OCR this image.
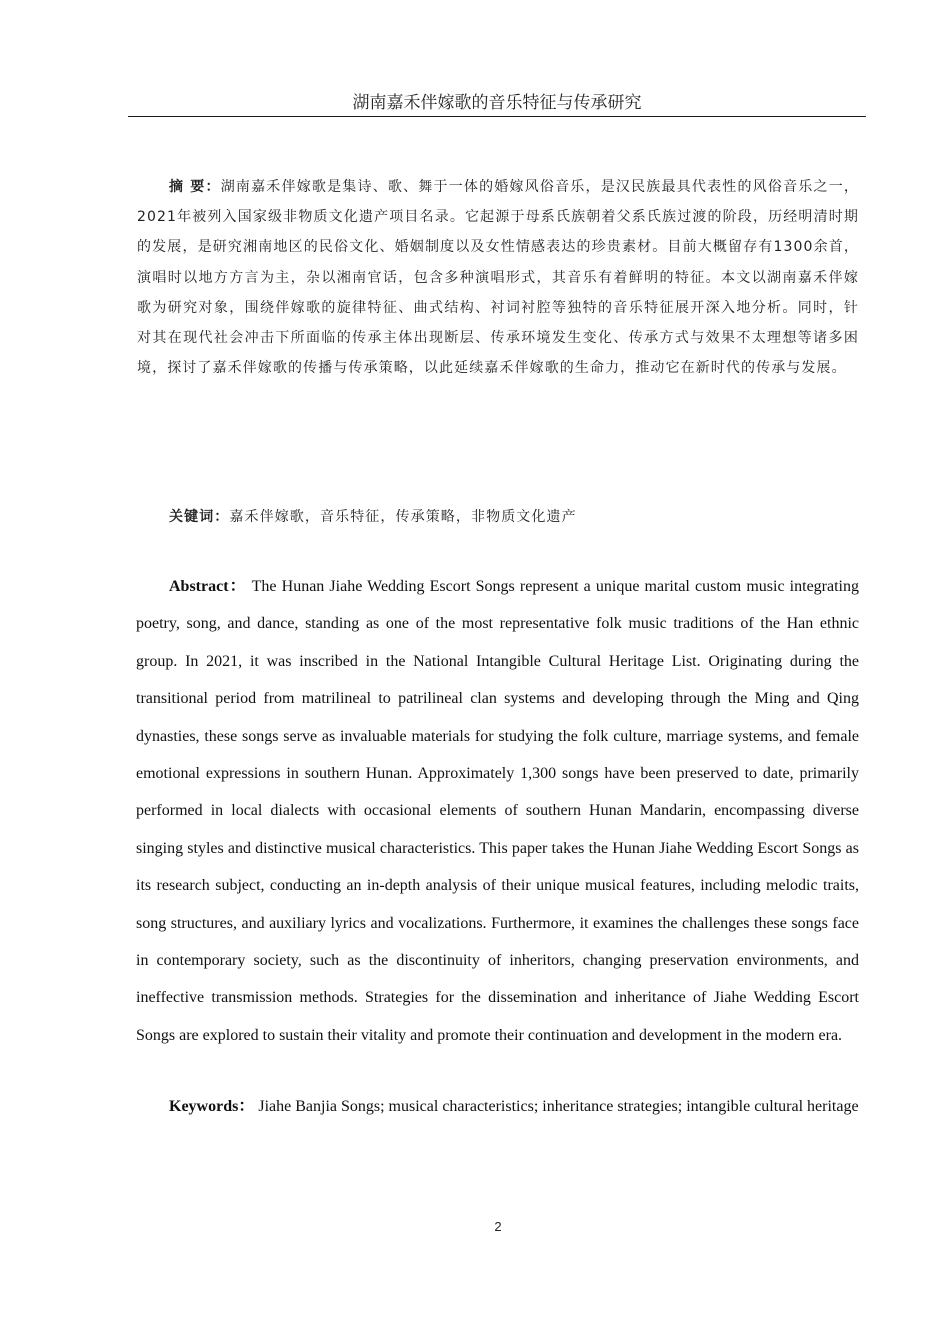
湖南嘉禾伴嫁歌的音乐特征与传承研究

摘 要：湖南嘉禾伴嫁歌是集诗、歌、舞于一体的婚嫁风俗音乐，是汉民族最具代表性的风俗音乐之一，2021年被列入国家级非物质文化遗产项目名录。它起源于母系氏族朝着父系氏族过渡的阶段，历经明清时期的发展，是研究湘南地区的民俗文化、婚姻制度以及女性情感表达的珍贵素材。目前大概留存有1300余首，演唱时以地方方言为主，杂以湘南官话，包含多种演唱形式，其音乐有着鲜明的特征。本文以湖南嘉禾伴嫁歌为研究对象，围绕伴嫁歌的旋律特征、曲式结构、衬词衬腔等独特的音乐特征展开深入地分析。同时，针对其在现代社会冲击下所面临的传承主体出现断层、传承环境发生变化、传承方式与效果不太理想等诸多困境，探讨了嘉禾伴嫁歌的传播与传承策略，以此延续嘉禾伴嫁歌的生命力，推动它在新时代的传承与发展。

关键词：嘉禾伴嫁歌，音乐特征，传承策略，非物质文化遗产

Abstract： The Hunan Jiahe Wedding Escort Songs represent a unique marital custom music integrating poetry, song, and dance, standing as one of the most representative folk music traditions of the Han ethnic group. In 2021, it was inscribed in the National Intangible Cultural Heritage List. Originating during the transitional period from matrilineal to patrilineal clan systems and developing through the Ming and Qing dynasties, these songs serve as invaluable materials for studying the folk culture, marriage systems, and female emotional expressions in southern Hunan. Approximately 1,300 songs have been preserved to date, primarily performed in local dialects with occasional elements of southern Hunan Mandarin, encompassing diverse singing styles and distinctive musical characteristics. This paper takes the Hunan Jiahe Wedding Escort Songs as its research subject, conducting an in-depth analysis of their unique musical features, including melodic traits, song structures, and auxiliary lyrics and vocalizations. Furthermore, it examines the challenges these songs face in contemporary society, such as the discontinuity of inheritors, changing preservation environments, and ineffective transmission methods. Strategies for the dissemination and inheritance of Jiahe Wedding Escort Songs are explored to sustain their vitality and promote their continuation and development in the modern era.

Keywords： Jiahe Banjia Songs; musical characteristics; inheritance strategies; intangible cultural heritage

2
